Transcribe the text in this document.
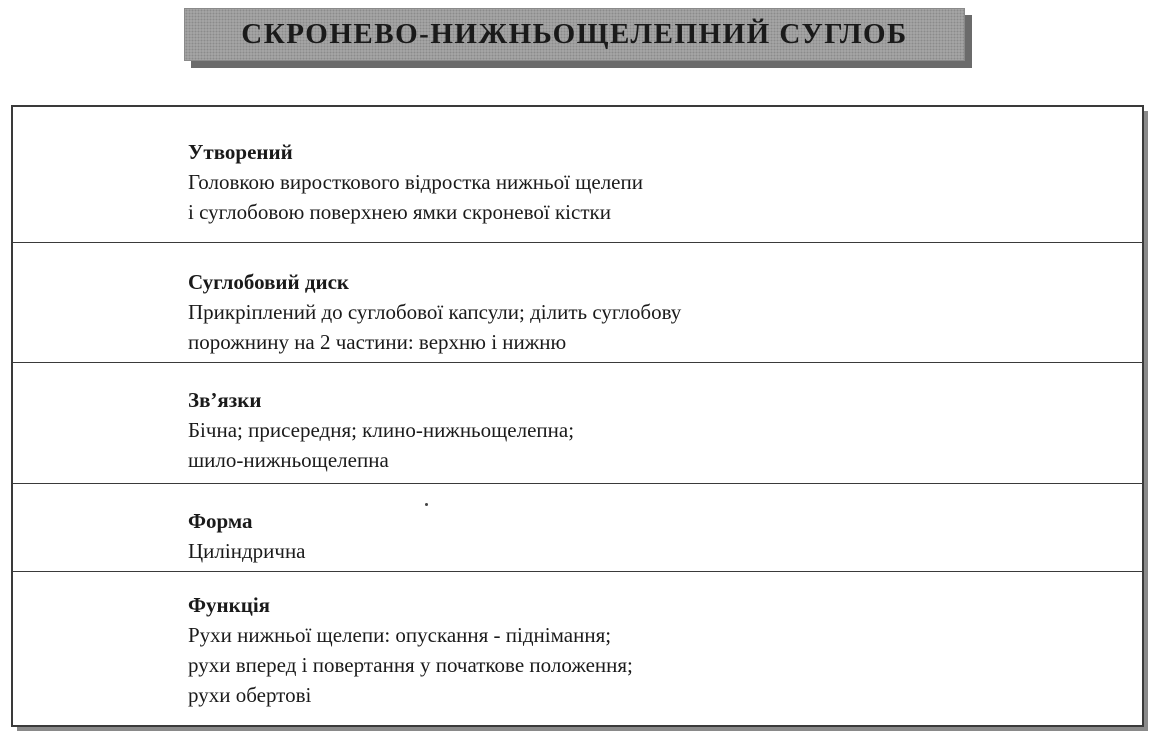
СКРОНЕВО-НИЖНЬОЩЕЛЕПНИЙ СУГЛОБ
Утворений
Головкою виросткового відростка нижньої щелепи
і суглобовою поверхнею ямки скроневої кістки
Суглобовий диск
Прикріплений до суглобової капсули; ділить суглобову
порожнину на 2 частини: верхню і нижню
Зв’язки
Бічна; присередня; клино-нижньощелепна;
шило-нижньощелепна
Форма
Циліндрична
Функція
Рухи нижньої щелепи: опускання - піднімання;
рухи вперед і повертання у початкове положення;
рухи обертові
